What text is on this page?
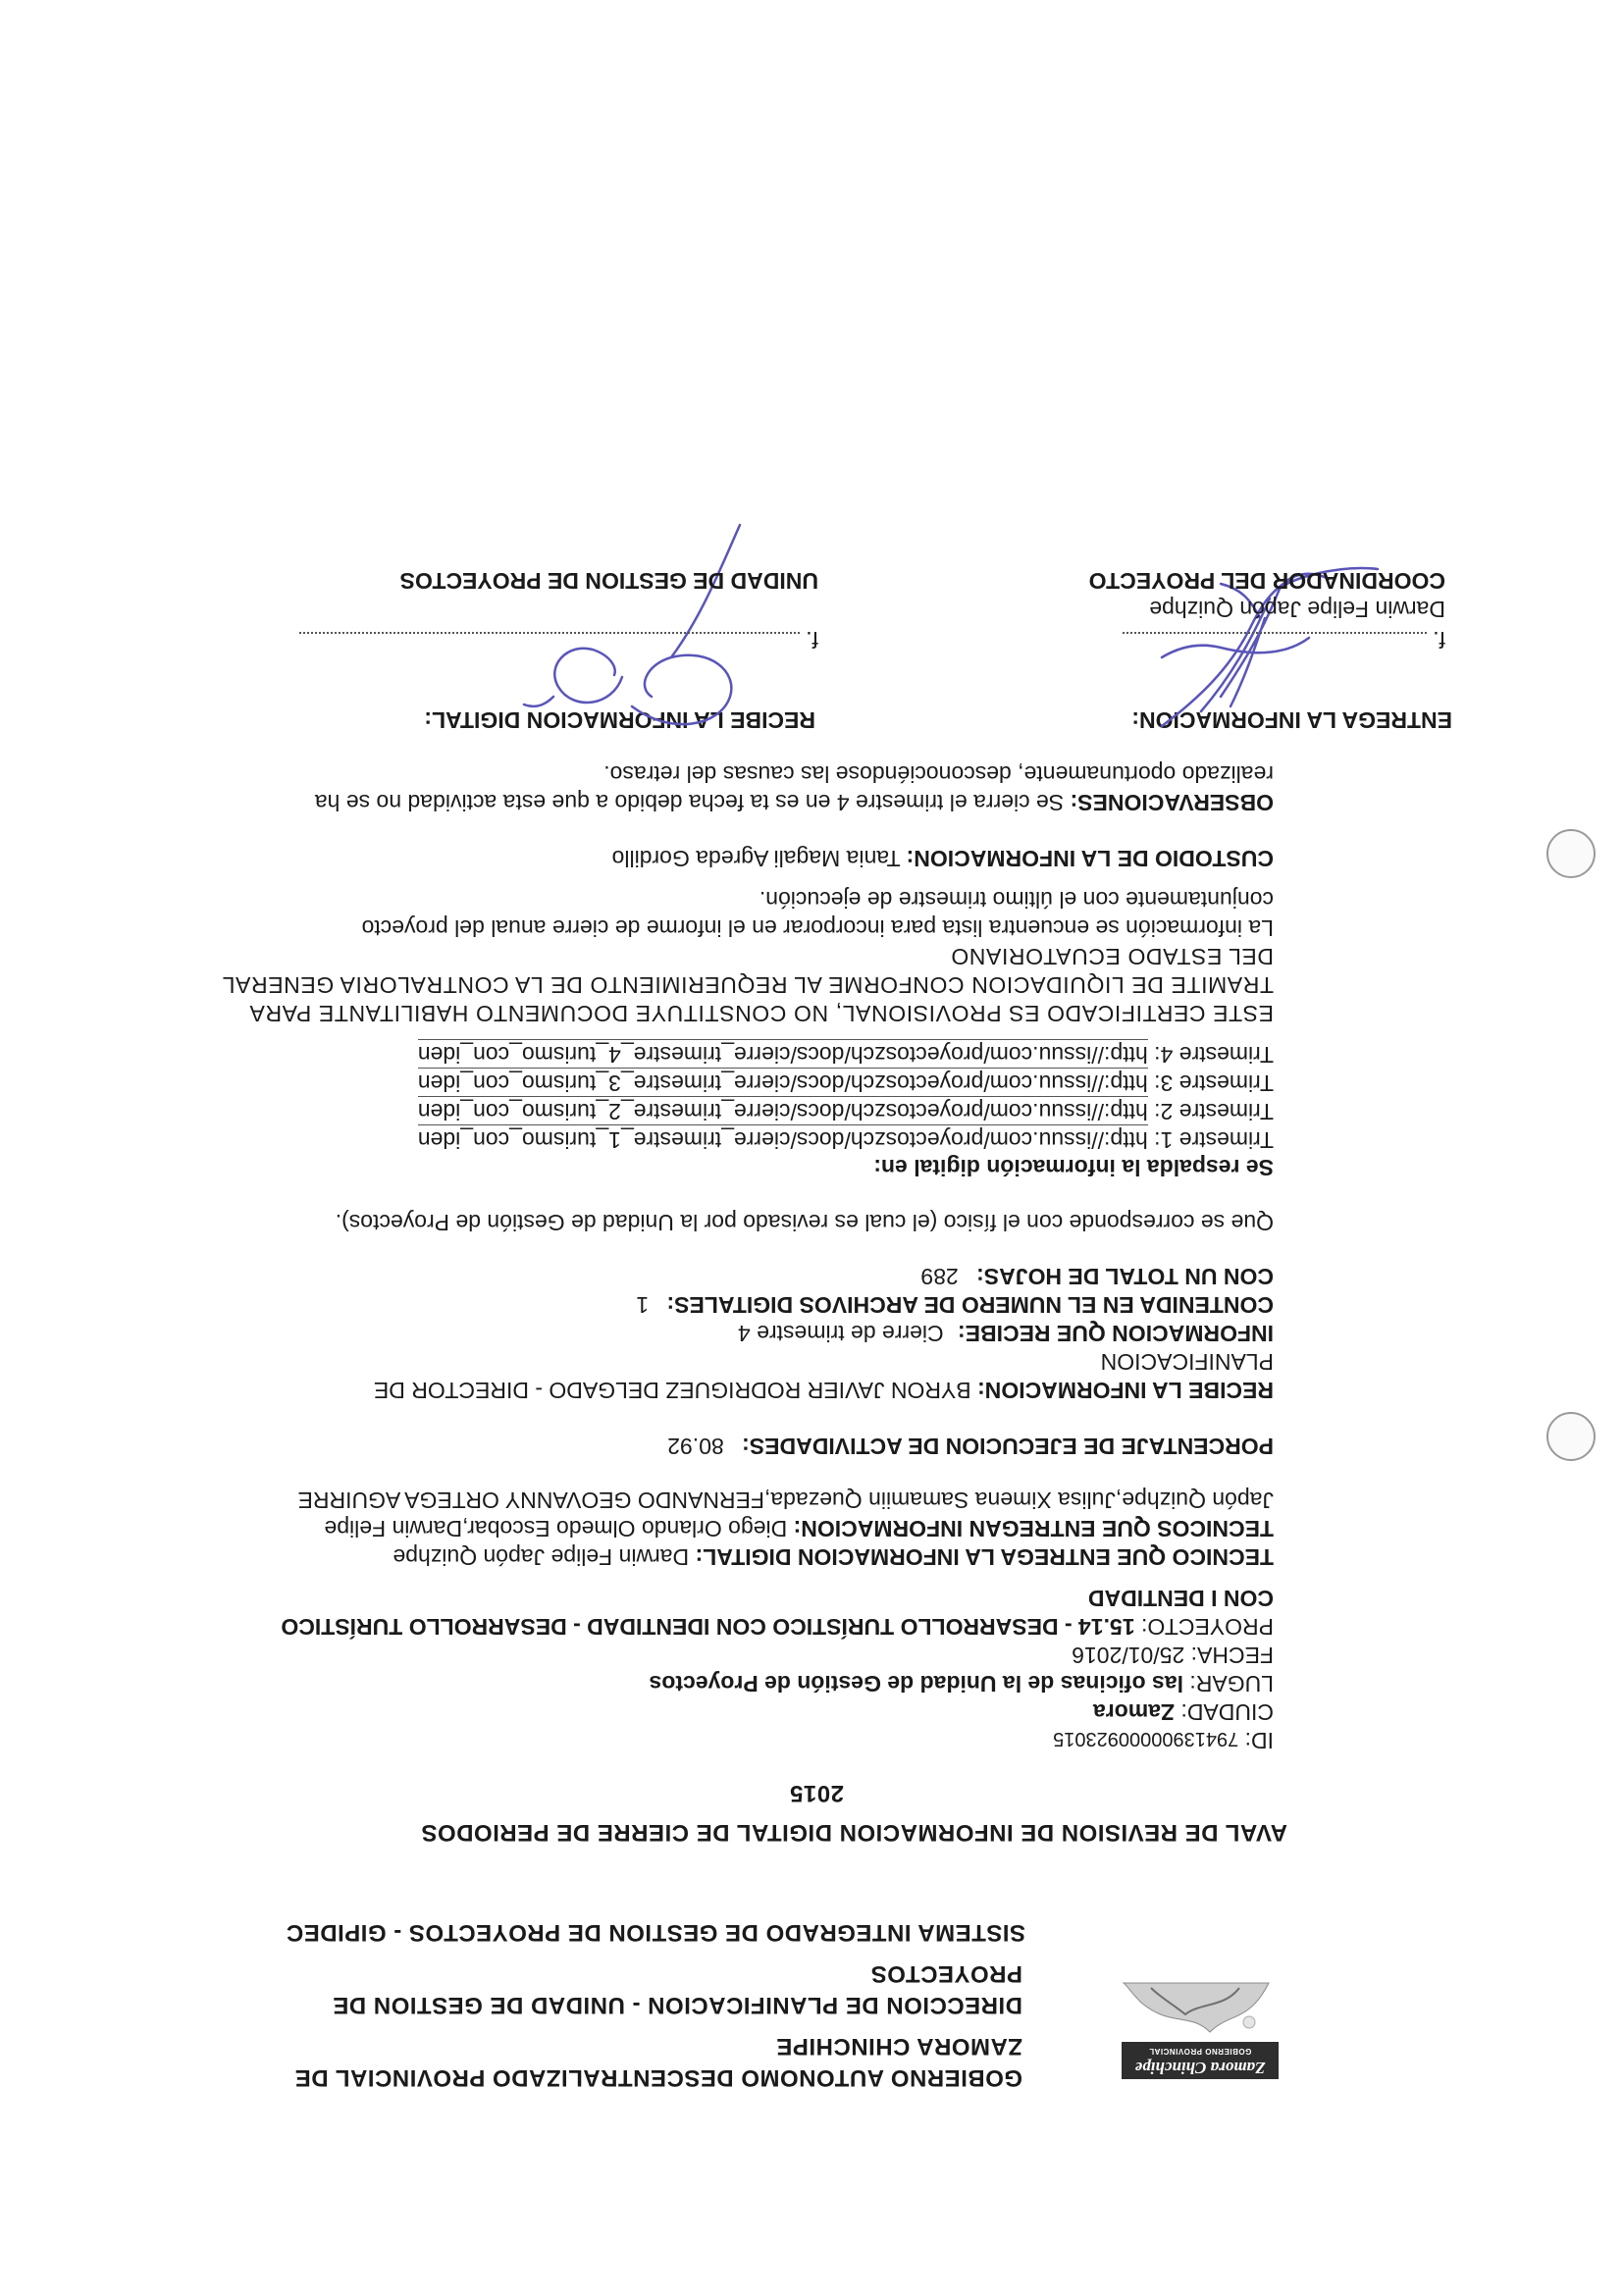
Zamora Chinchipe
GOBIERNO PROVINCIAL
GOBIERNO AUTONOMO DESCENTRALIZADO PROVINCIAL DE
ZAMORA CHINCHIPE
DIRECCION DE PLANIFICACION - UNIDAD DE GESTION DE
PROYECTOS
SISTEMA INTEGRADO DE GESTION DE PROYECTOS - GIPIDEC
AVAL DE REVISION DE INFORMACION DIGITAL DE CIERRE DE PERIODOS
2015
ID: 79413900000923015
CIUDAD: Zamora
LUGAR: las oficinas de la Unidad de Gestión de Proyectos
FECHA: 25/01/2016
PROYECTO: 15.14 - DESARROLLO TURÍSTICO CON IDENTIDAD - DESARROLLO TURÍSTICO
CON I DENTIDAD
TECNICO QUE ENTREGA LA INFORMACION DIGITAL: Darwin Felipe Japón Quizhpe
TECNICOS QUE ENTREGAN INFORMACION: Diego Orlando Olmedo Escobar,Darwin Felipe
Japón Quizhpe,Julisa Ximena Samamiin Quezada,FERNANDO GEOVANNY ORTEGA AGUIRRE
PORCENTAJE DE EJECUCION DE ACTIVIDADES: 80.92
RECIBE LA INFORMACION: BYRON JAVIER RODRIGUEZ DELGADO - DIRECTOR DE
PLANIFICACION
INFORMACION QUE RECIBE: Cierre de trimestre 4
CONTENIDA EN EL NUMERO DE ARCHIVOS DIGITALES: 1
CON UN TOTAL DE HOJAS: 289
Que se corresponde con el físico (el cual es revisado por la Unidad de Gestión de Proyectos).
Se respalda la información digital en:
Trimestre 1: http://issuu.com/proyectoszch/docs/cierre_trimestre_1_turismo_con_iden
Trimestre 2: http://issuu.com/proyectoszch/docs/cierre_trimestre_2_turismo_con_iden
Trimestre 3: http://issuu.com/proyectoszch/docs/cierre_trimestre_3_turismo_con_iden
Trimestre 4: http://issuu.com/proyectoszch/docs/cierre_trimestre_4_turismo_con_iden
ESTE CERTIFICADO ES PROVISIONAL, NO CONSTITUYE DOCUMENTO HABILITANTE PARA
TRAMITE DE LIQUIDACION CONFORME AL REQUERIMIENTO DE LA CONTRALORIA GENERAL
DEL ESTADO ECUATORIANO
La información se encuentra lista para incorporar en el informe de cierre anual del proyecto
conjuntamente con el último trimestre de ejecución.
CUSTODIO DE LA INFORMACION: Tania Magali Agreda Gordillo
OBSERVACIONES: Se cierra el trimestre 4 en es ta fecha debido a que esta actividad no se ha
realizado oportunamente, desconociéndose las causas del retraso.
ENTREGA LA INFORMACION:
RECIBE LA INFORMACION DIGITAL:
f.
f.
Darwin Felipe Japón Quizhpe
COORDINADOR DEL PROYECTO
UNIDAD DE GESTION DE PROYECTOS
